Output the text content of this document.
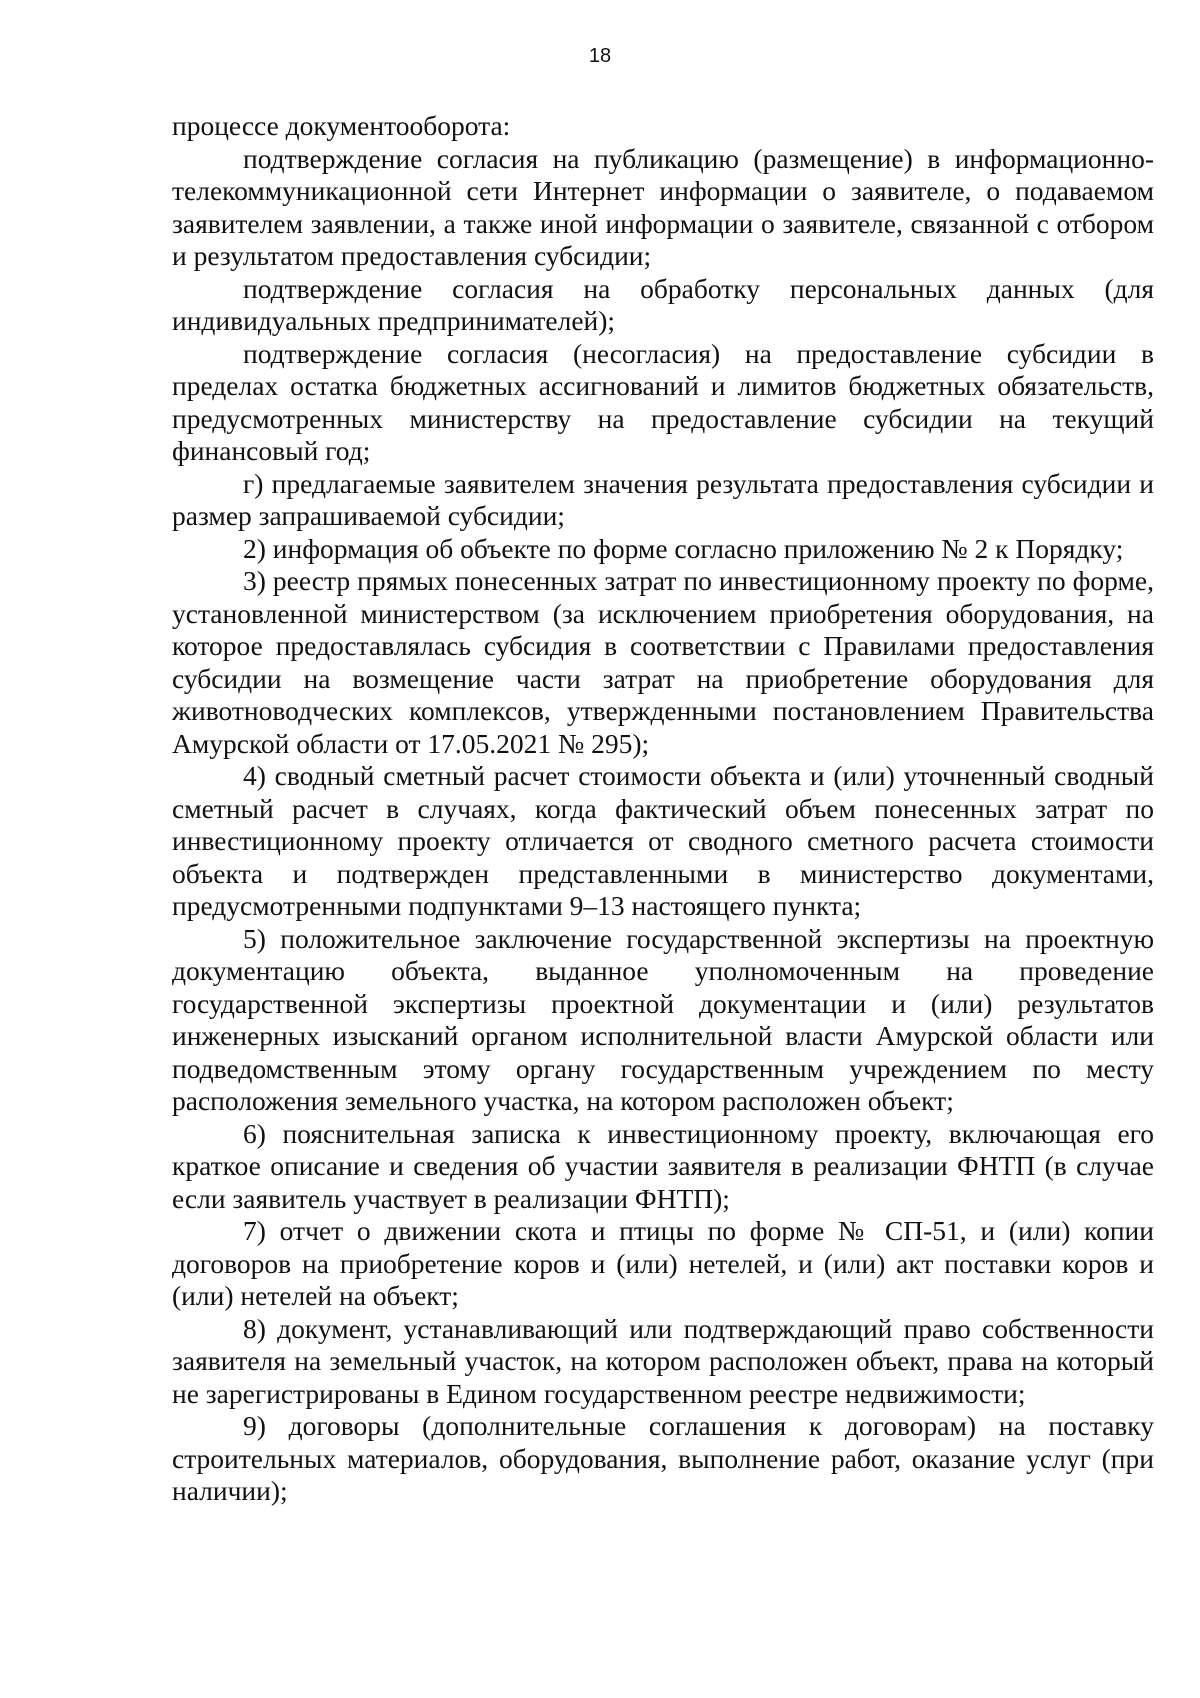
18

процессе документооборота:

подтверждение согласия на публикацию (размещение) в информационно-телекоммуникационной сети Интернет информации о заявителе, о подаваемом заявителем заявлении, а также иной информации о заявителе, связанной с отбором и результатом предоставления субсидии;

подтверждение согласия на обработку персональных данных (для индивидуальных предпринимателей);

подтверждение согласия (несогласия) на предоставление субсидии в пределах остатка бюджетных ассигнований и лимитов бюджетных обязательств, предусмотренных министерству на предоставление субсидии на текущий финансовый год;

г) предлагаемые заявителем значения результата предоставления субсидии и размер запрашиваемой субсидии;

2) информация об объекте по форме согласно приложению № 2 к Порядку;

3) реестр прямых понесенных затрат по инвестиционному проекту по форме, установленной министерством (за исключением приобретения оборудования, на которое предоставлялась субсидия в соответствии с Правилами предоставления субсидии на возмещение части затрат на приобретение оборудования для животноводческих комплексов, утвержденными постановлением Правительства Амурской области от 17.05.2021 № 295);

4) сводный сметный расчет стоимости объекта и (или) уточненный сводный сметный расчет в случаях, когда фактический объем понесенных затрат по инвестиционному проекту отличается от сводного сметного расчета стоимости объекта и подтвержден представленными в министерство документами, предусмотренными подпунктами 9–13 настоящего пункта;

5) положительное заключение государственной экспертизы на проектную документацию объекта, выданное уполномоченным на проведение государственной экспертизы проектной документации и (или) результатов инженерных изысканий органом исполнительной власти Амурской области или подведомственным этому органу государственным учреждением по месту расположения земельного участка, на котором расположен объект;

6) пояснительная записка к инвестиционному проекту, включающая его краткое описание и сведения об участии заявителя в реализации ФНТП (в случае если заявитель участвует в реализации ФНТП);

7) отчет о движении скота и птицы по форме № СП-51, и (или) копии договоров на приобретение коров и (или) нетелей, и (или) акт поставки коров и (или) нетелей на объект;

8) документ, устанавливающий или подтверждающий право собственности заявителя на земельный участок, на котором расположен объект, права на который не зарегистрированы в Едином государственном реестре недвижимости;

9) договоры (дополнительные соглашения к договорам) на поставку строительных материалов, оборудования, выполнение работ, оказание услуг (при наличии);
